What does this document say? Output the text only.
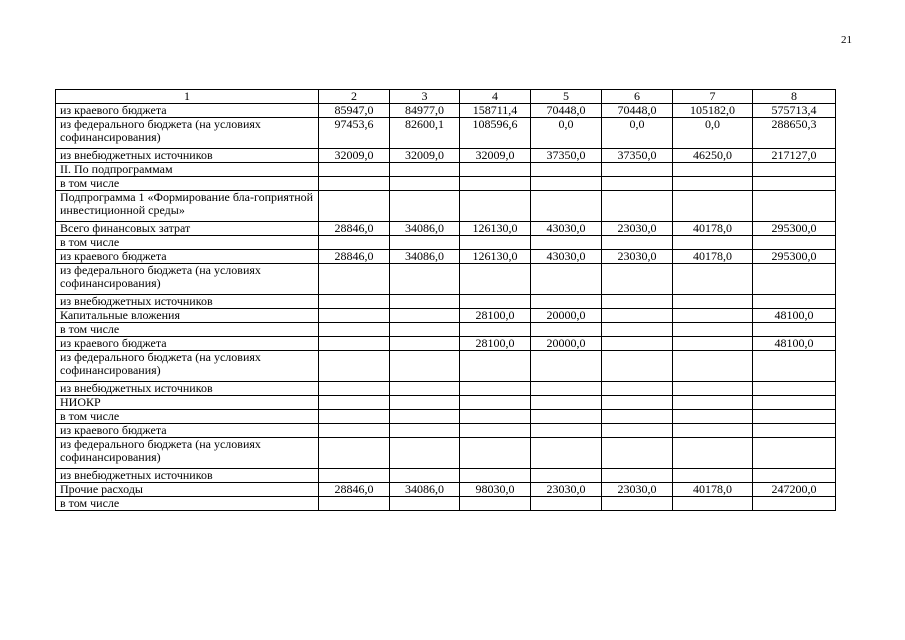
21
1	2	3	4	5	6	7	8
из краевого бюджета	85947,0	84977,0	158711,4	70448,0	70448,0	105182,0	575713,4
из федерального бюджета (на условиях софинансирования)	97453,6	82600,1	108596,6	0,0	0,0	0,0	288650,3
из внебюджетных источников	32009,0	32009,0	32009,0	37350,0	37350,0	46250,0	217127,0
II. По подпрограммам							
в том числе							
Подпрограмма 1 «Формирование бла-гоприятной инвестиционной среды»							
Всего финансовых затрат	28846,0	34086,0	126130,0	43030,0	23030,0	40178,0	295300,0
в том числе							
из краевого бюджета	28846,0	34086,0	126130,0	43030,0	23030,0	40178,0	295300,0
из федерального бюджета (на условиях софинансирования)							
из внебюджетных источников							
Капитальные вложения			28100,0	20000,0			48100,0
в том числе							
из краевого бюджета			28100,0	20000,0			48100,0
из федерального бюджета (на условиях софинансирования)							
из внебюджетных источников							
НИОКР							
в том числе							
из краевого бюджета							
из федерального бюджета (на условиях софинансирования)							
из внебюджетных источников							
Прочие расходы	28846,0	34086,0	98030,0	23030,0	23030,0	40178,0	247200,0
в том числе							
